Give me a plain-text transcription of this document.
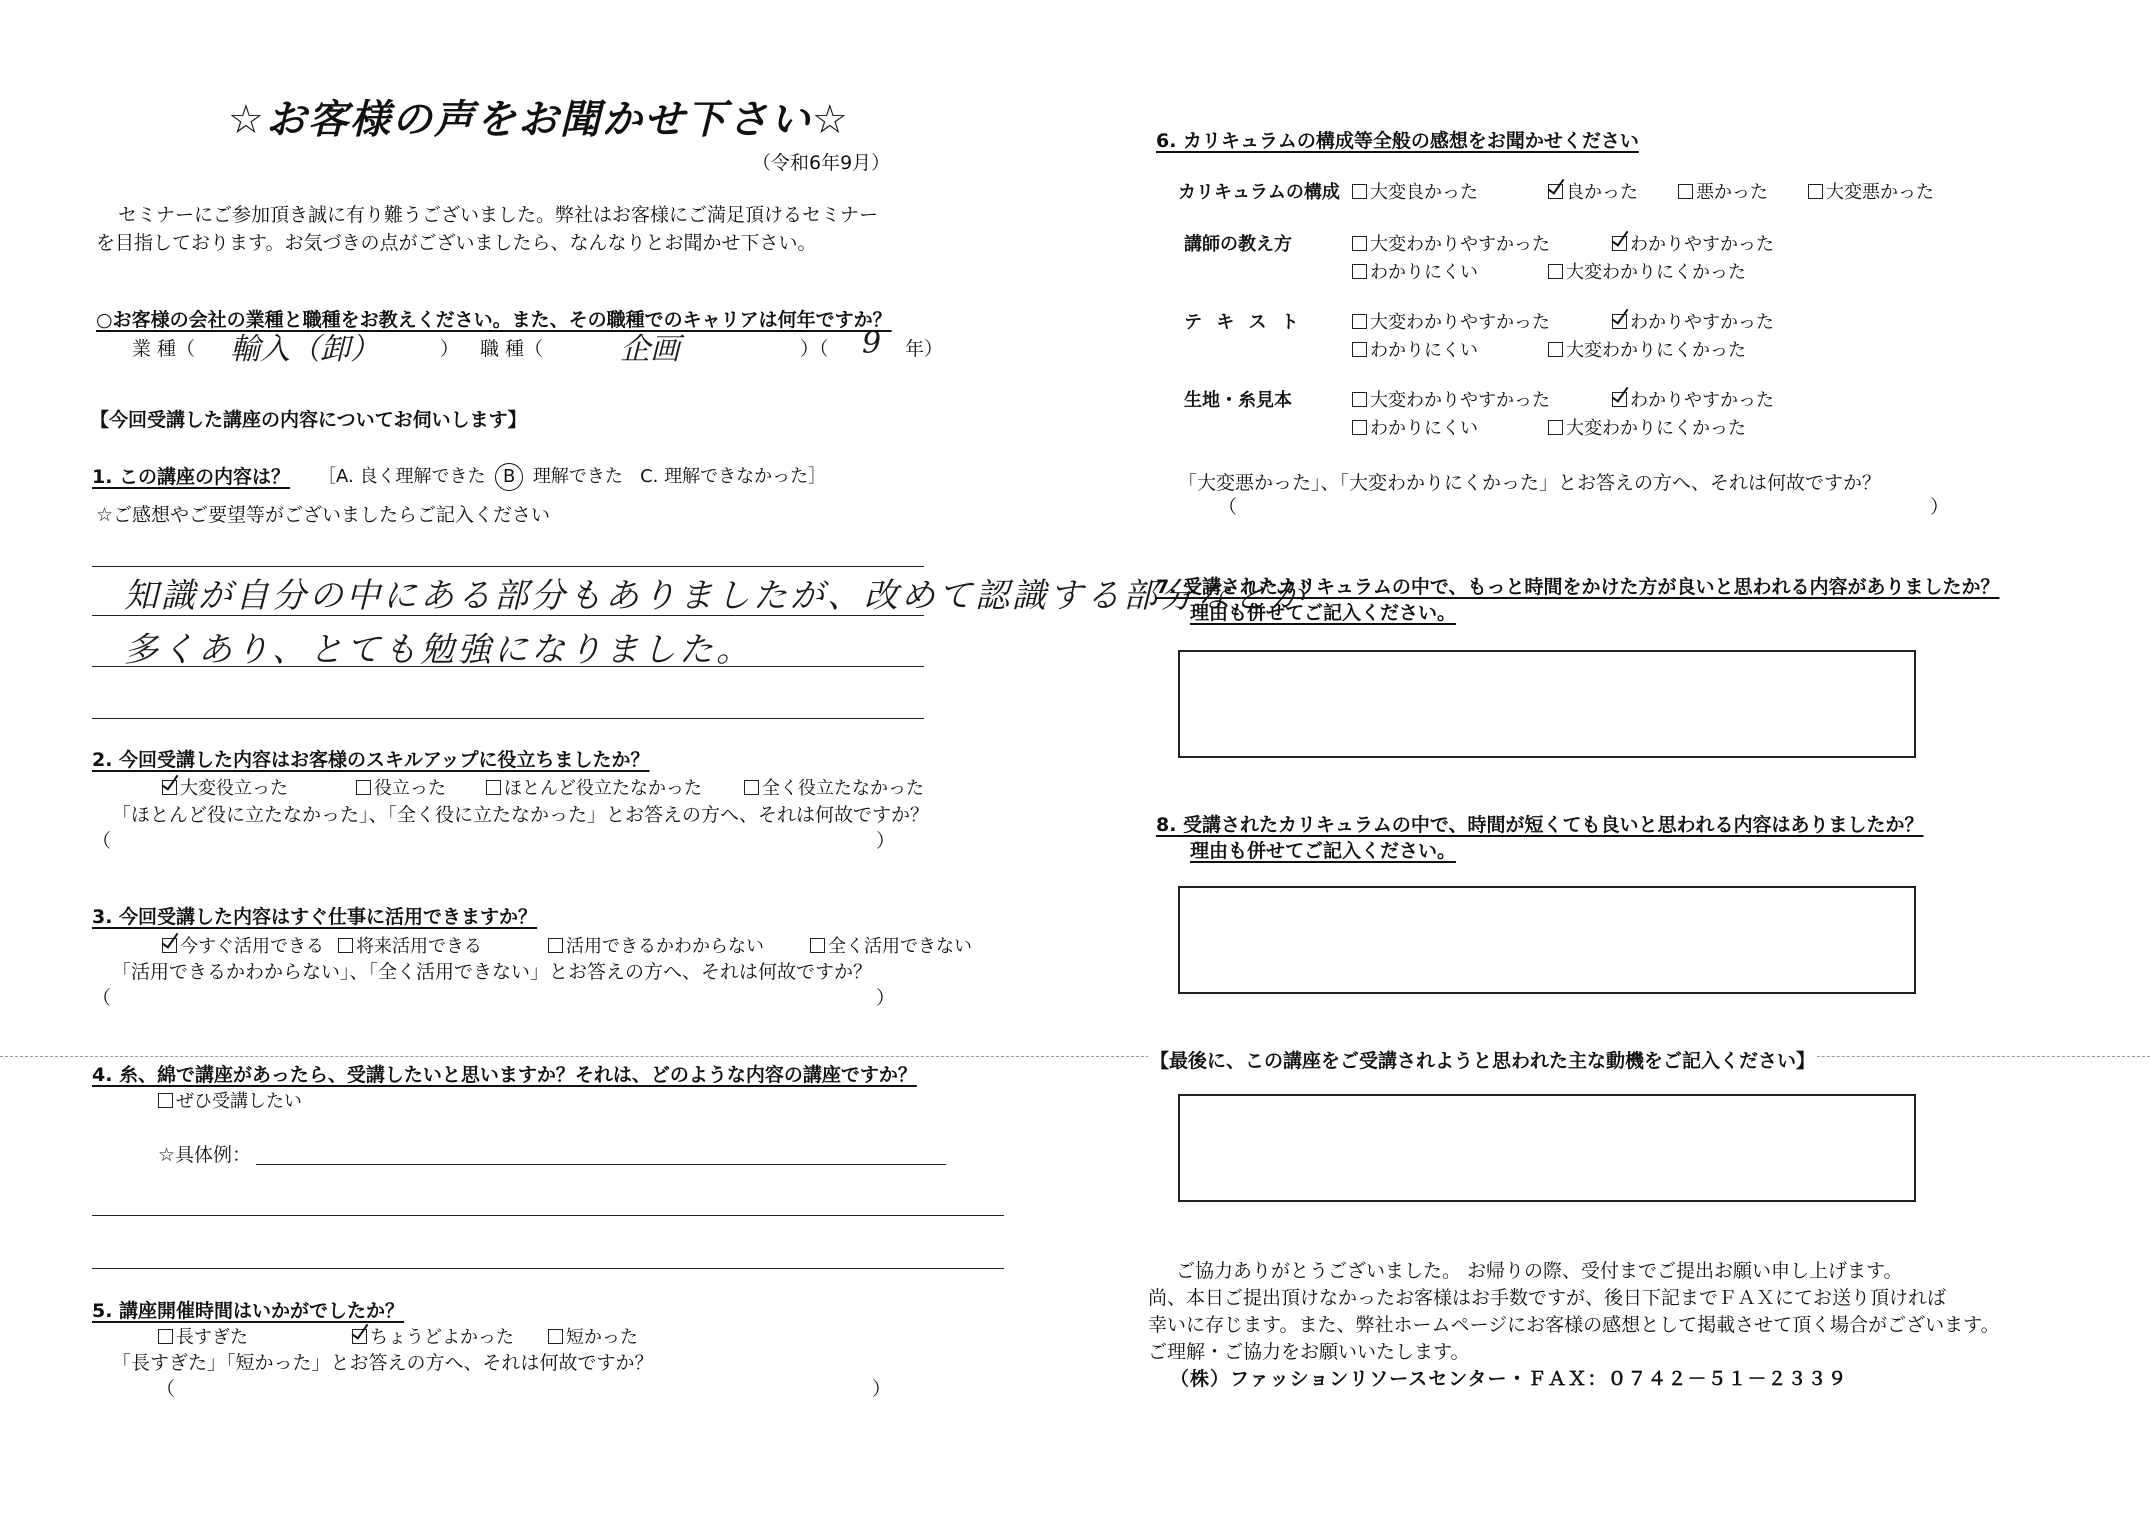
☆お客様の声をお聞かせ下さい☆
（令和6年9月）
セミナーにご参加頂き誠に有り難うございました。弊社はお客様にご満足頂けるセミナー
を目指しております。お気づきの点がございましたら、なんなりとお聞かせ下さい。
○お客様の会社の業種と職種をお教えください。また、その職種でのキャリアは何年ですか？
業 種（ 輸入（卸）	） 職 種（	企画	）（ 9 年）
【今回受講した講座の内容についてお伺いします】
1. この講座の内容は？ ［A. 良く理解できた B 理解できた C. 理解できなかった］
☆ご感想やご要望等がございましたらご記入ください
知識が自分の中にある部分もありましたが、改めて認識する部分などが
多くあり、とても勉強になりました。
2. 今回受講した内容はお客様のスキルアップに役立ちましたか？
大変役立った	役立った	ほとんど役立たなかった	全く役立たなかった
「ほとんど役に立たなかった」、「全く役に立たなかった」とお答えの方へ、それは何故ですか？
（	）
3. 今回受講した内容はすぐ仕事に活用できますか？
今すぐ活用できる	将来活用できる	活用できるかわからない	全く活用できない
「活用できるかわからない」、「全く活用できない」とお答えの方へ、それは何故ですか？
（	）
4. 糸、綿で講座があったら、受講したいと思いますか？それは、どのような内容の講座ですか？
ぜひ受講したい
☆具体例：
5. 講座開催時間はいかがでしたか？
長すぎた	ちょうどよかった	短かった
「長すぎた」「短かった」とお答えの方へ、それは何故ですか？
（	）
6. カリキュラムの構成等全般の感想をお聞かせください
カリキュラムの構成	大変良かった	良かった	悪かった	大変悪かった
講師の教え方	大変わかりやすかった	わかりやすかった
わかりにくい	大変わかりにくかった
テ キ ス ト	大変わかりやすかった	わかりやすかった
わかりにくい	大変わかりにくかった
生地・糸見本	大変わかりやすかった	わかりやすかった
わかりにくい	大変わかりにくかった
「大変悪かった」、「大変わかりにくかった」とお答えの方へ、それは何故ですか？
（	）
7. 受講されたカリキュラムの中で、もっと時間をかけた方が良いと思われる内容がありましたか？
理由も併せてご記入ください。
8. 受講されたカリキュラムの中で、時間が短くても良いと思われる内容はありましたか？
理由も併せてご記入ください。
【最後に、この講座をご受講されようと思われた主な動機をご記入ください】
ご協力ありがとうございました。 お帰りの際、受付までご提出お願い申し上げます。
尚、本日ご提出頂けなかったお客様はお手数ですが、後日下記までＦＡＸにてお送り頂ければ
幸いに存じます。また、弊社ホームページにお客様の感想として掲載させて頂く場合がございます。
ご理解・ご協力をお願いいたします。
（株）ファッションリソースセンター・ＦＡＸ：０７４２－５１－２３３９
